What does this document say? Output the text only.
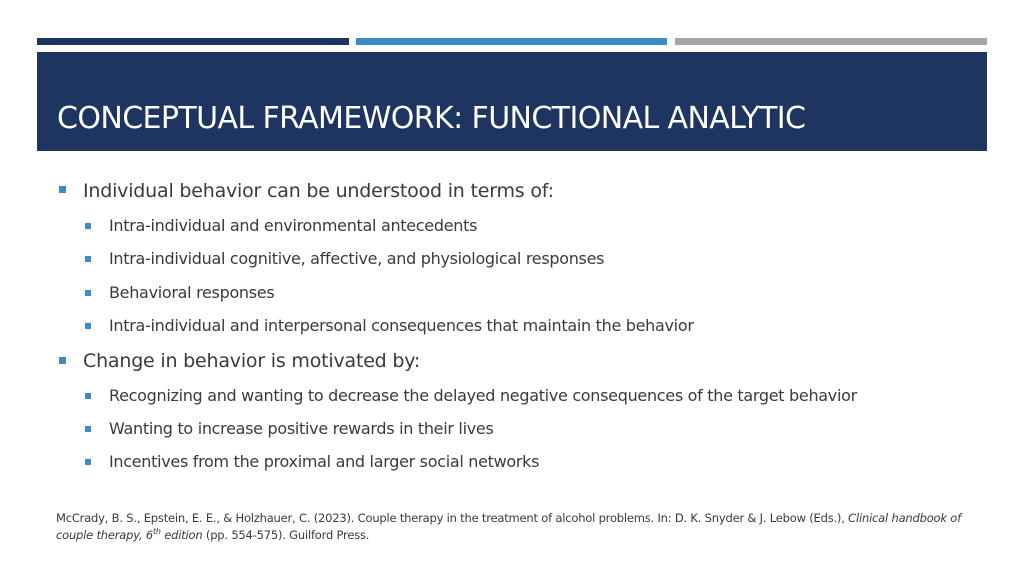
CONCEPTUAL FRAMEWORK: FUNCTIONAL ANALYTIC
Individual behavior can be understood in terms of:
Intra-individual and environmental antecedents
Intra-individual cognitive, affective, and physiological responses
Behavioral responses
Intra-individual and interpersonal consequences that maintain the behavior
Change in behavior is motivated by:
Recognizing and wanting to decrease the delayed negative consequences of the target behavior
Wanting to increase positive rewards in their lives
Incentives from the proximal and larger social networks
McCrady, B. S., Epstein, E. E., & Holzhauer, C. (2023). Couple therapy in the treatment of alcohol problems. In: D. K. Snyder & J. Lebow (Eds.), Clinical handbook of couple therapy, 6th edition (pp. 554-575). Guilford Press.
